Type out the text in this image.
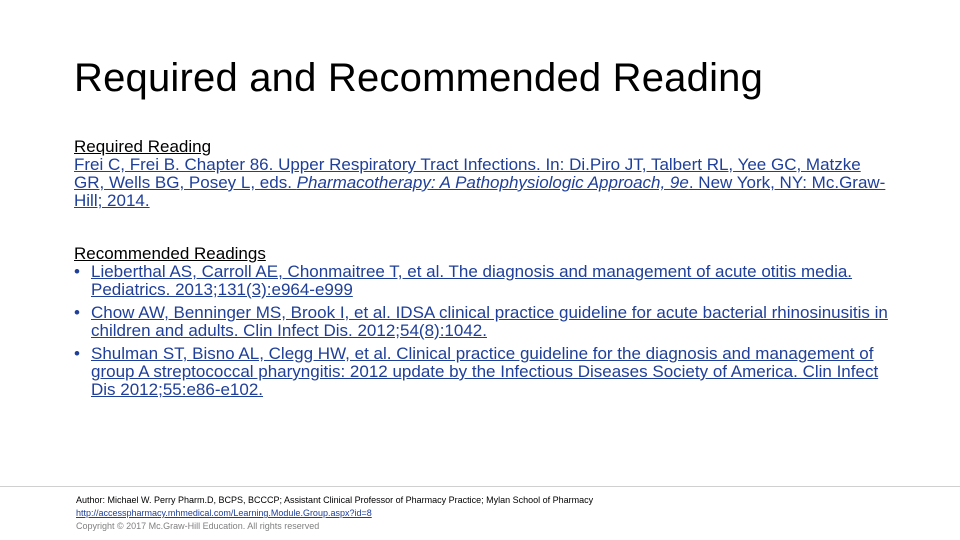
Required and Recommended Reading
Required Reading
Frei C, Frei B. Chapter 86. Upper Respiratory Tract Infections. In: Di.Piro JT, Talbert RL, Yee GC, Matzke GR, Wells BG, Posey L, eds. Pharmacotherapy: A Pathophysiologic Approach, 9e. New York, NY: Mc.Graw-Hill; 2014.
Recommended Readings
• Lieberthal AS, Carroll AE, Chonmaitree T, et al. The diagnosis and management of acute otitis media. Pediatrics. 2013;131(3):e964-e999
• Chow AW, Benninger MS, Brook I, et al. IDSA clinical practice guideline for acute bacterial rhinosinusitis in children and adults. Clin Infect Dis. 2012;54(8):1042.
• Shulman ST, Bisno AL, Clegg HW, et al. Clinical practice guideline for the diagnosis and management of group A streptococcal pharyngitis: 2012 update by the Infectious Diseases Society of America. Clin Infect Dis 2012;55:e86-e102.
Author: Michael W. Perry Pharm.D, BCPS, BCCCP; Assistant Clinical Professor of Pharmacy Practice; Mylan School of Pharmacy
http://accesspharmacy.mhmedical.com/Learning.Module.Group.aspx?id=8
Copyright © 2017 Mc.Graw-Hill Education. All rights reserved
